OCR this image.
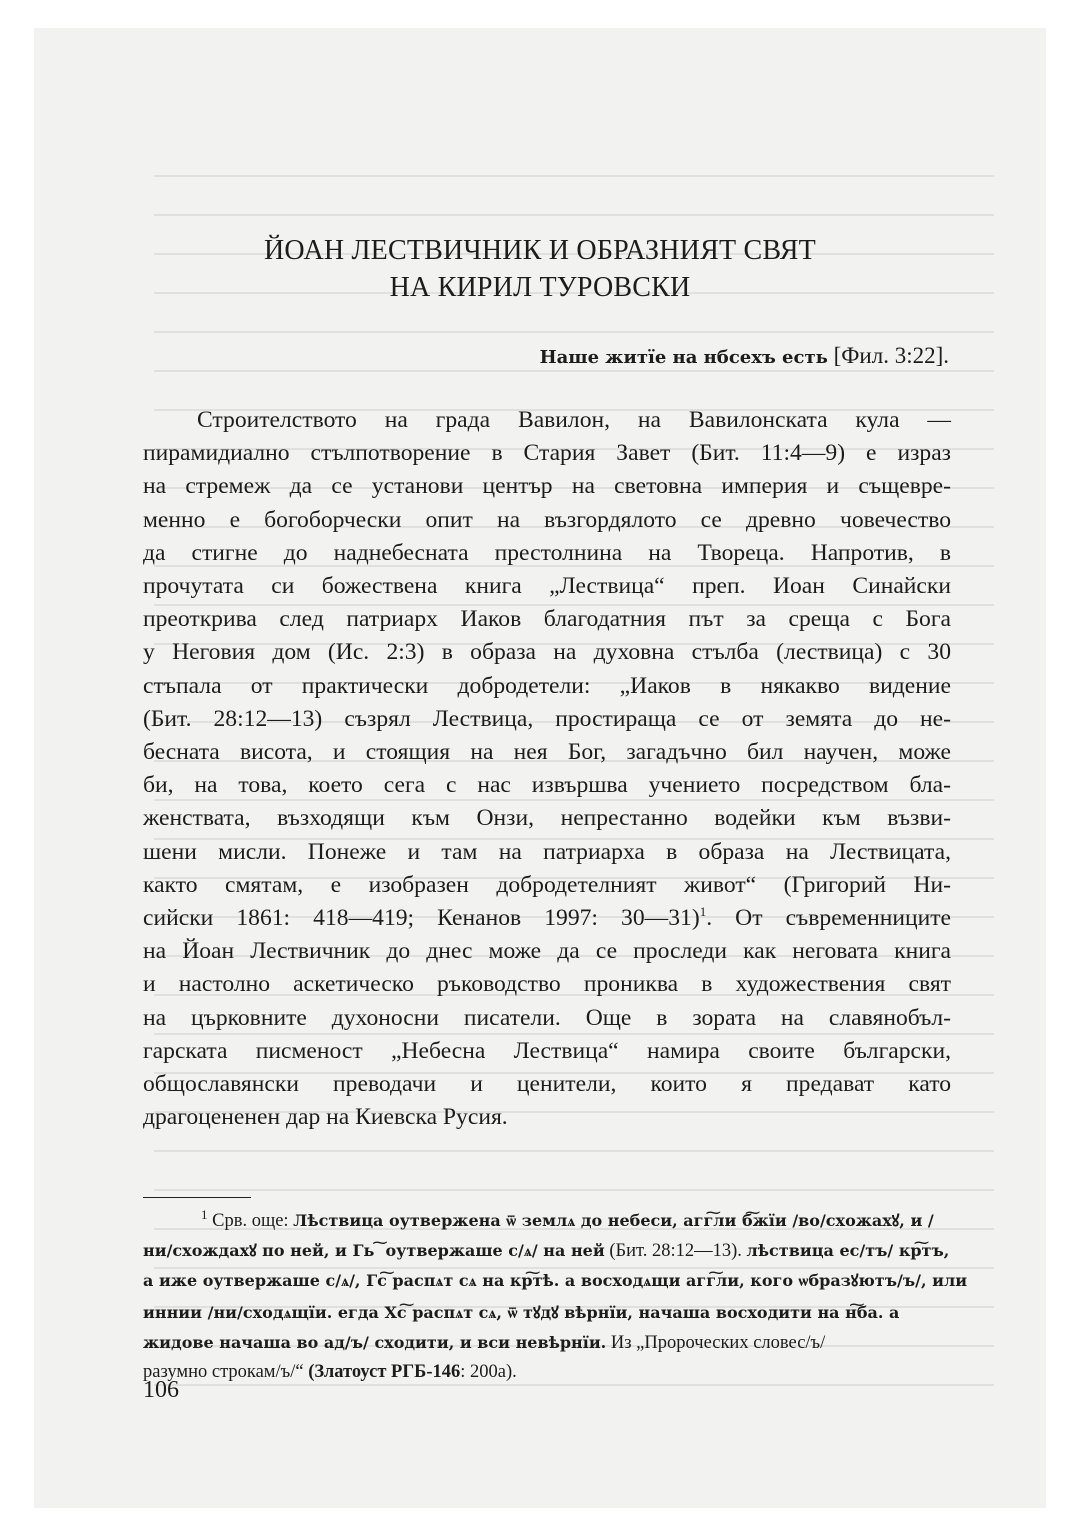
ЙОАН ЛЕСТВИЧНИК И ОБРАЗНИЯТ СВЯТ
НА КИРИЛ ТУРОВСКИ
Наше житїе на нбсехъ есть [Фил. 3:22].
Строителството на града Вавилон, на Вавилонската кула —
пирамидиално стълпотворение в Стария Завет (Бит. 11:4—9) е израз
на стремеж да се установи център на световна империя и същевре-
менно е богоборчески опит на възгордялото се древно човечество
да стигне до наднебесната престолнина на Твореца. Напротив, в
прочутата си божествена книга „Лествица“ преп. Иоан Синайски
преоткрива след патриарх Иаков благодатния път за среща с Бога
у Неговия дом (Ис. 2:3) в образа на духовна стълба (лествица) с 30
стъпала от практически добродетели: „Иаков в някакво видение
(Бит. 28:12—13) съзрял Лествица, простираща се от земята до не-
бесната висота, и стоящия на нея Бог, загадъчно бил научен, може
би, на това, което сега с нас извършва учението посредством бла-
женствата, възходящи към Онзи, непрестанно водейки към възви-
шени мисли. Понеже и там на патриарха в образа на Лествицата,
както смятам, е изобразен добродетелният живот“ (Григорий Ни-
сийски 1861: 418—419; Кенанов 1997: 30—31)$^1$. От съвременниците
на Йоан Лествичник до днес може да се проследи как неговата книга
и настолно аскетическо ръководство прониква в художествения свят
на църковните духоносни писатели. Още в зората на славянобъл-
гарската писменост „Небесна Лествица“ намира своите български,
общославянски преводачи и ценители, които я предават като
драгоцененен дар на Киевска Русия.
$^1$ Срв. още: Лѣствица оутвержена ѿ землѧ до небеси, агг͠ли б͠жїи /во/схожахꙋ, и /
ни/схождахꙋ по ней, и Гь ͠ оутвержаше с/ѧ/ на ней (Бит. 28:12—13). лѣствица ес/тъ/ кр͠тъ,
а иже оутвержаше с/ѧ/, Гс͠ распѧт сѧ на кр͠тѣ. а восходѧщи агг͠ли, кого ѡбразꙋютъ/ъ/, или
иннии /ни/сходѧщїи. егда Хс͠ распѧт сѧ, ѿ тꙋдꙋ вѣрнїи, начаша восходити на н͠ба. а
жидове начаша во ад/ъ/ сходити, и вси невѣрнїи. Из „Пророческих словес/ъ/
разумно строкам/ъ/“ (Златоуст РГБ-146: 200а).
106
